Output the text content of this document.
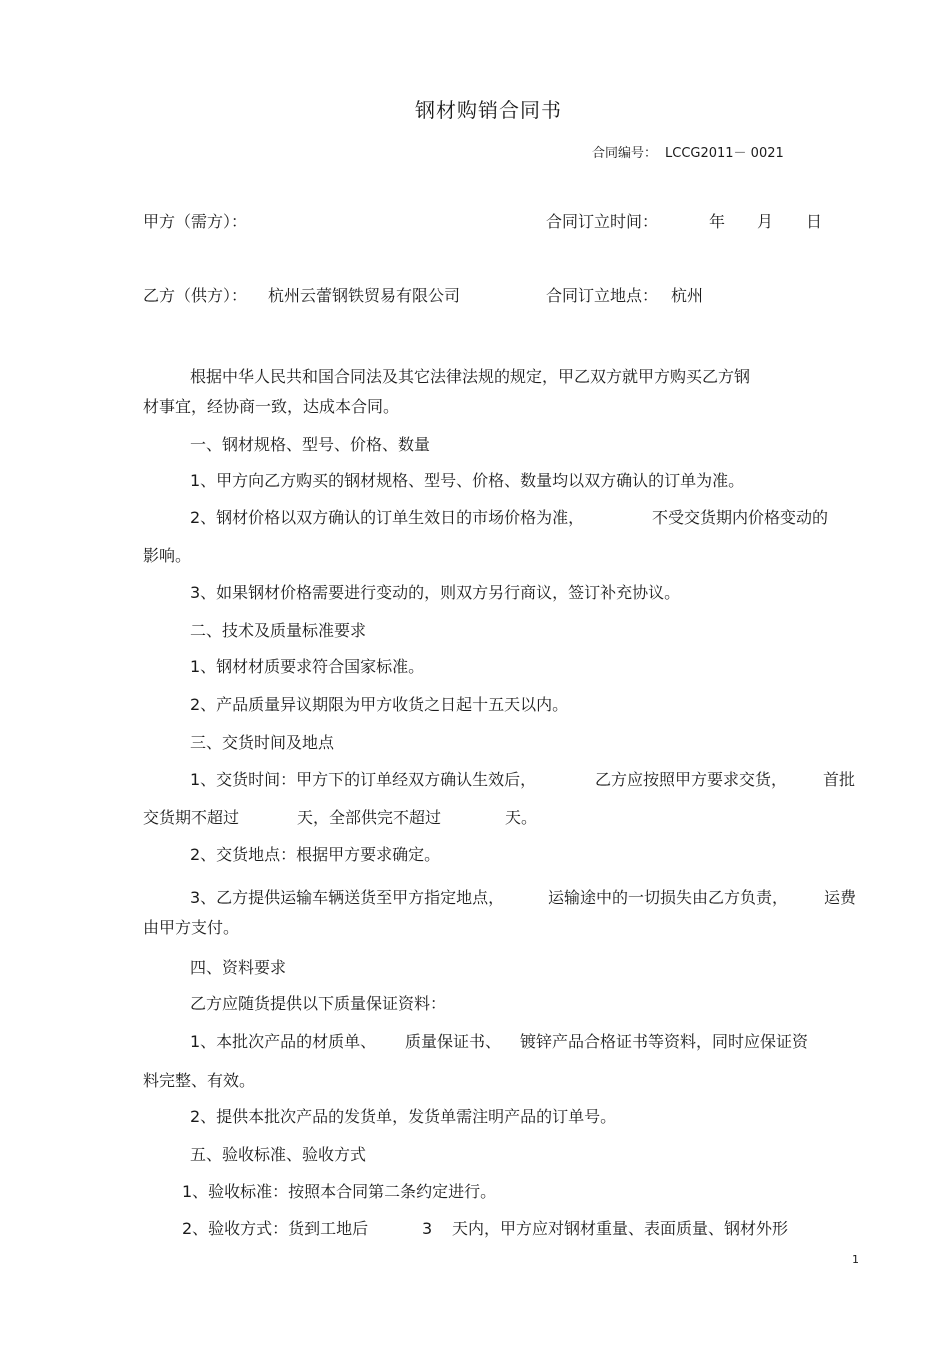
钢材购销合同书
合同编号： LCCG2011－ 0021
甲方（需方）：	合同订立时间：	年 月 日
乙方（供方）： 杭州云蕾钢铁贸易有限公司	合同订立地点： 杭州
根据中华人民共和国合同法及其它法律法规的规定，甲乙双方就甲方购买乙方钢
材事宜，经协商一致，达成本合同。
一、钢材规格、型号、价格、数量
1、甲方向乙方购买的钢材规格、型号、价格、数量均以双方确认的订单为准。
2、钢材价格以双方确认的订单生效日的市场价格为准，	不受交货期内价格变动的
影响。
3、如果钢材价格需要进行变动的，则双方另行商议，签订补充协议。
二、技术及质量标准要求
1、钢材材质要求符合国家标准。
2、产品质量异议期限为甲方收货之日起十五天以内。
三、交货时间及地点
1、交货时间：甲方下的订单经双方确认生效后，	乙方应按照甲方要求交货， 首批
交货期不超过	天，全部供完不超过	天。
2、交货地点：根据甲方要求确定。
3、乙方提供运输车辆送货至甲方指定地点，	运输途中的一切损失由乙方负责， 运费
由甲方支付。
四、资料要求
乙方应随货提供以下质量保证资料：
1、本批次产品的材质单、 质量保证书、 镀锌产品合格证书等资料，同时应保证资
料完整、有效。
2、提供本批次产品的发货单，发货单需注明产品的订单号。
五、验收标准、验收方式
1、验收标准：按照本合同第二条约定进行。
2、验收方式：货到工地后	3 天内，甲方应对钢材重量、表面质量、钢材外形
1
